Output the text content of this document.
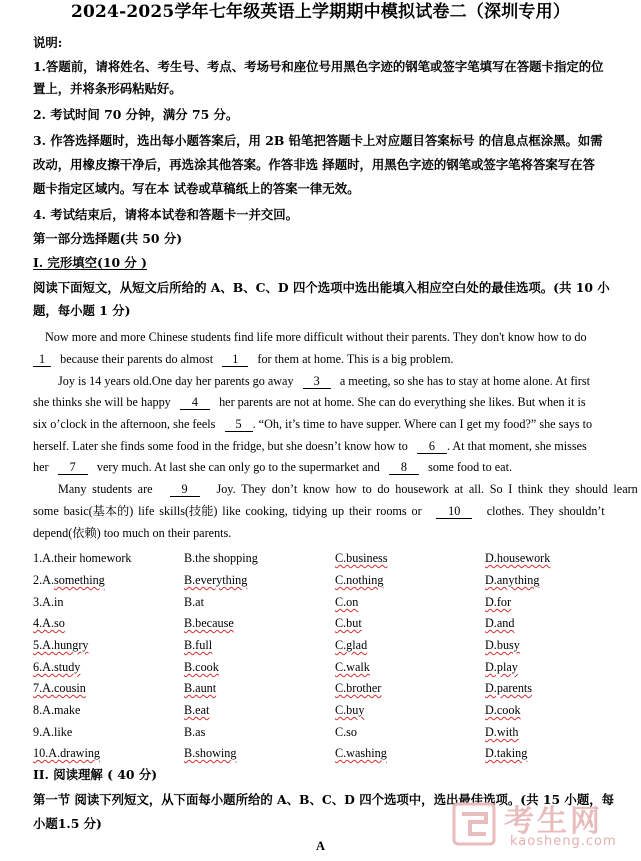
2024-2025学年七年级英语上学期期中模拟试卷二（深圳专用）
说明:
1.答题前，请将姓名、考生号、考点、考场号和座位号用黑色字迹的钢笔或签字笔填写在答题卡指定的位
置上，并将条形码粘贴好。
2. 考试时间 70 分钟，满分 75 分。
3. 作答选择题时，选出每小题答案后，用 2B 铅笔把答题卡上对应题目答案标号 的信息点框涂黑。如需
改动，用橡皮擦干净后，再选涂其他答案。作答非选 择题时，用黑色字迹的钢笔或签字笔将答案写在答
题卡指定区域内。写在本 试卷或草稿纸上的答案一律无效。
4. 考试结束后，请将本试卷和答题卡一并交回。
第一部分选择题(共 50 分)
I. 完形填空(10 分 )
阅读下面短文，从短文后所给的 A、B、C、D 四个选项中选出能填入相应空白处的最佳选项。(共 10 小
题，每小题 1 分)
Now more and more Chinese students find life more difficult without their parents. They don't know how to do
1 because their parents do almost 1 for them at home. This is a big problem.
Joy is 14 years old.One day her parents go away 3 a meeting, so she has to stay at home alone. At first
she thinks she will be happy 4 her parents are not at home. She can do everything she likes. But when it is
six o’clock in the afternoon, she feels 5 . “Oh, it’s time to have supper. Where can I get my food?” she says to
herself. Later she finds some food in the fridge, but she doesn’t know how to 6 . At that moment, she misses
her 7 very much. At last she can only go to the supermarket and 8 some food to eat.
Many students are 9 Joy. They don’t know how to do housework at all. So I think they should learn
some basic(基本的) life skills(技能) like cooking, tidying up their rooms or 10 clothes. They shouldn’t
depend(依赖) too much on their parents.
1.A.their homework	B.the shopping	C.business	D.housework
2.A.something	B.everything	C.nothing	D.anything
3.A.in	B.at	C.on	D.for
4.A.so	B.because	C.but	D.and
5.A.hungry	B.full	C.glad	D.busy
6.A.study	B.cook	C.walk	D.play
7.A.cousin	B.aunt	C.brother	D.parents
8.A.make	B.eat	C.buy	D.cook
9.A.like	B.as	C.so	D.with
10.A.drawing	B.showing	C.washing	D.taking
II. 阅读理解 ( 40 分)
第一节 阅读下列短文，从下面每小题所给的 A、B、C、D 四个选项中，选出最佳选项。(共 15 小题，每
小题1.5 分)
A
考生网
kaosheng.com
